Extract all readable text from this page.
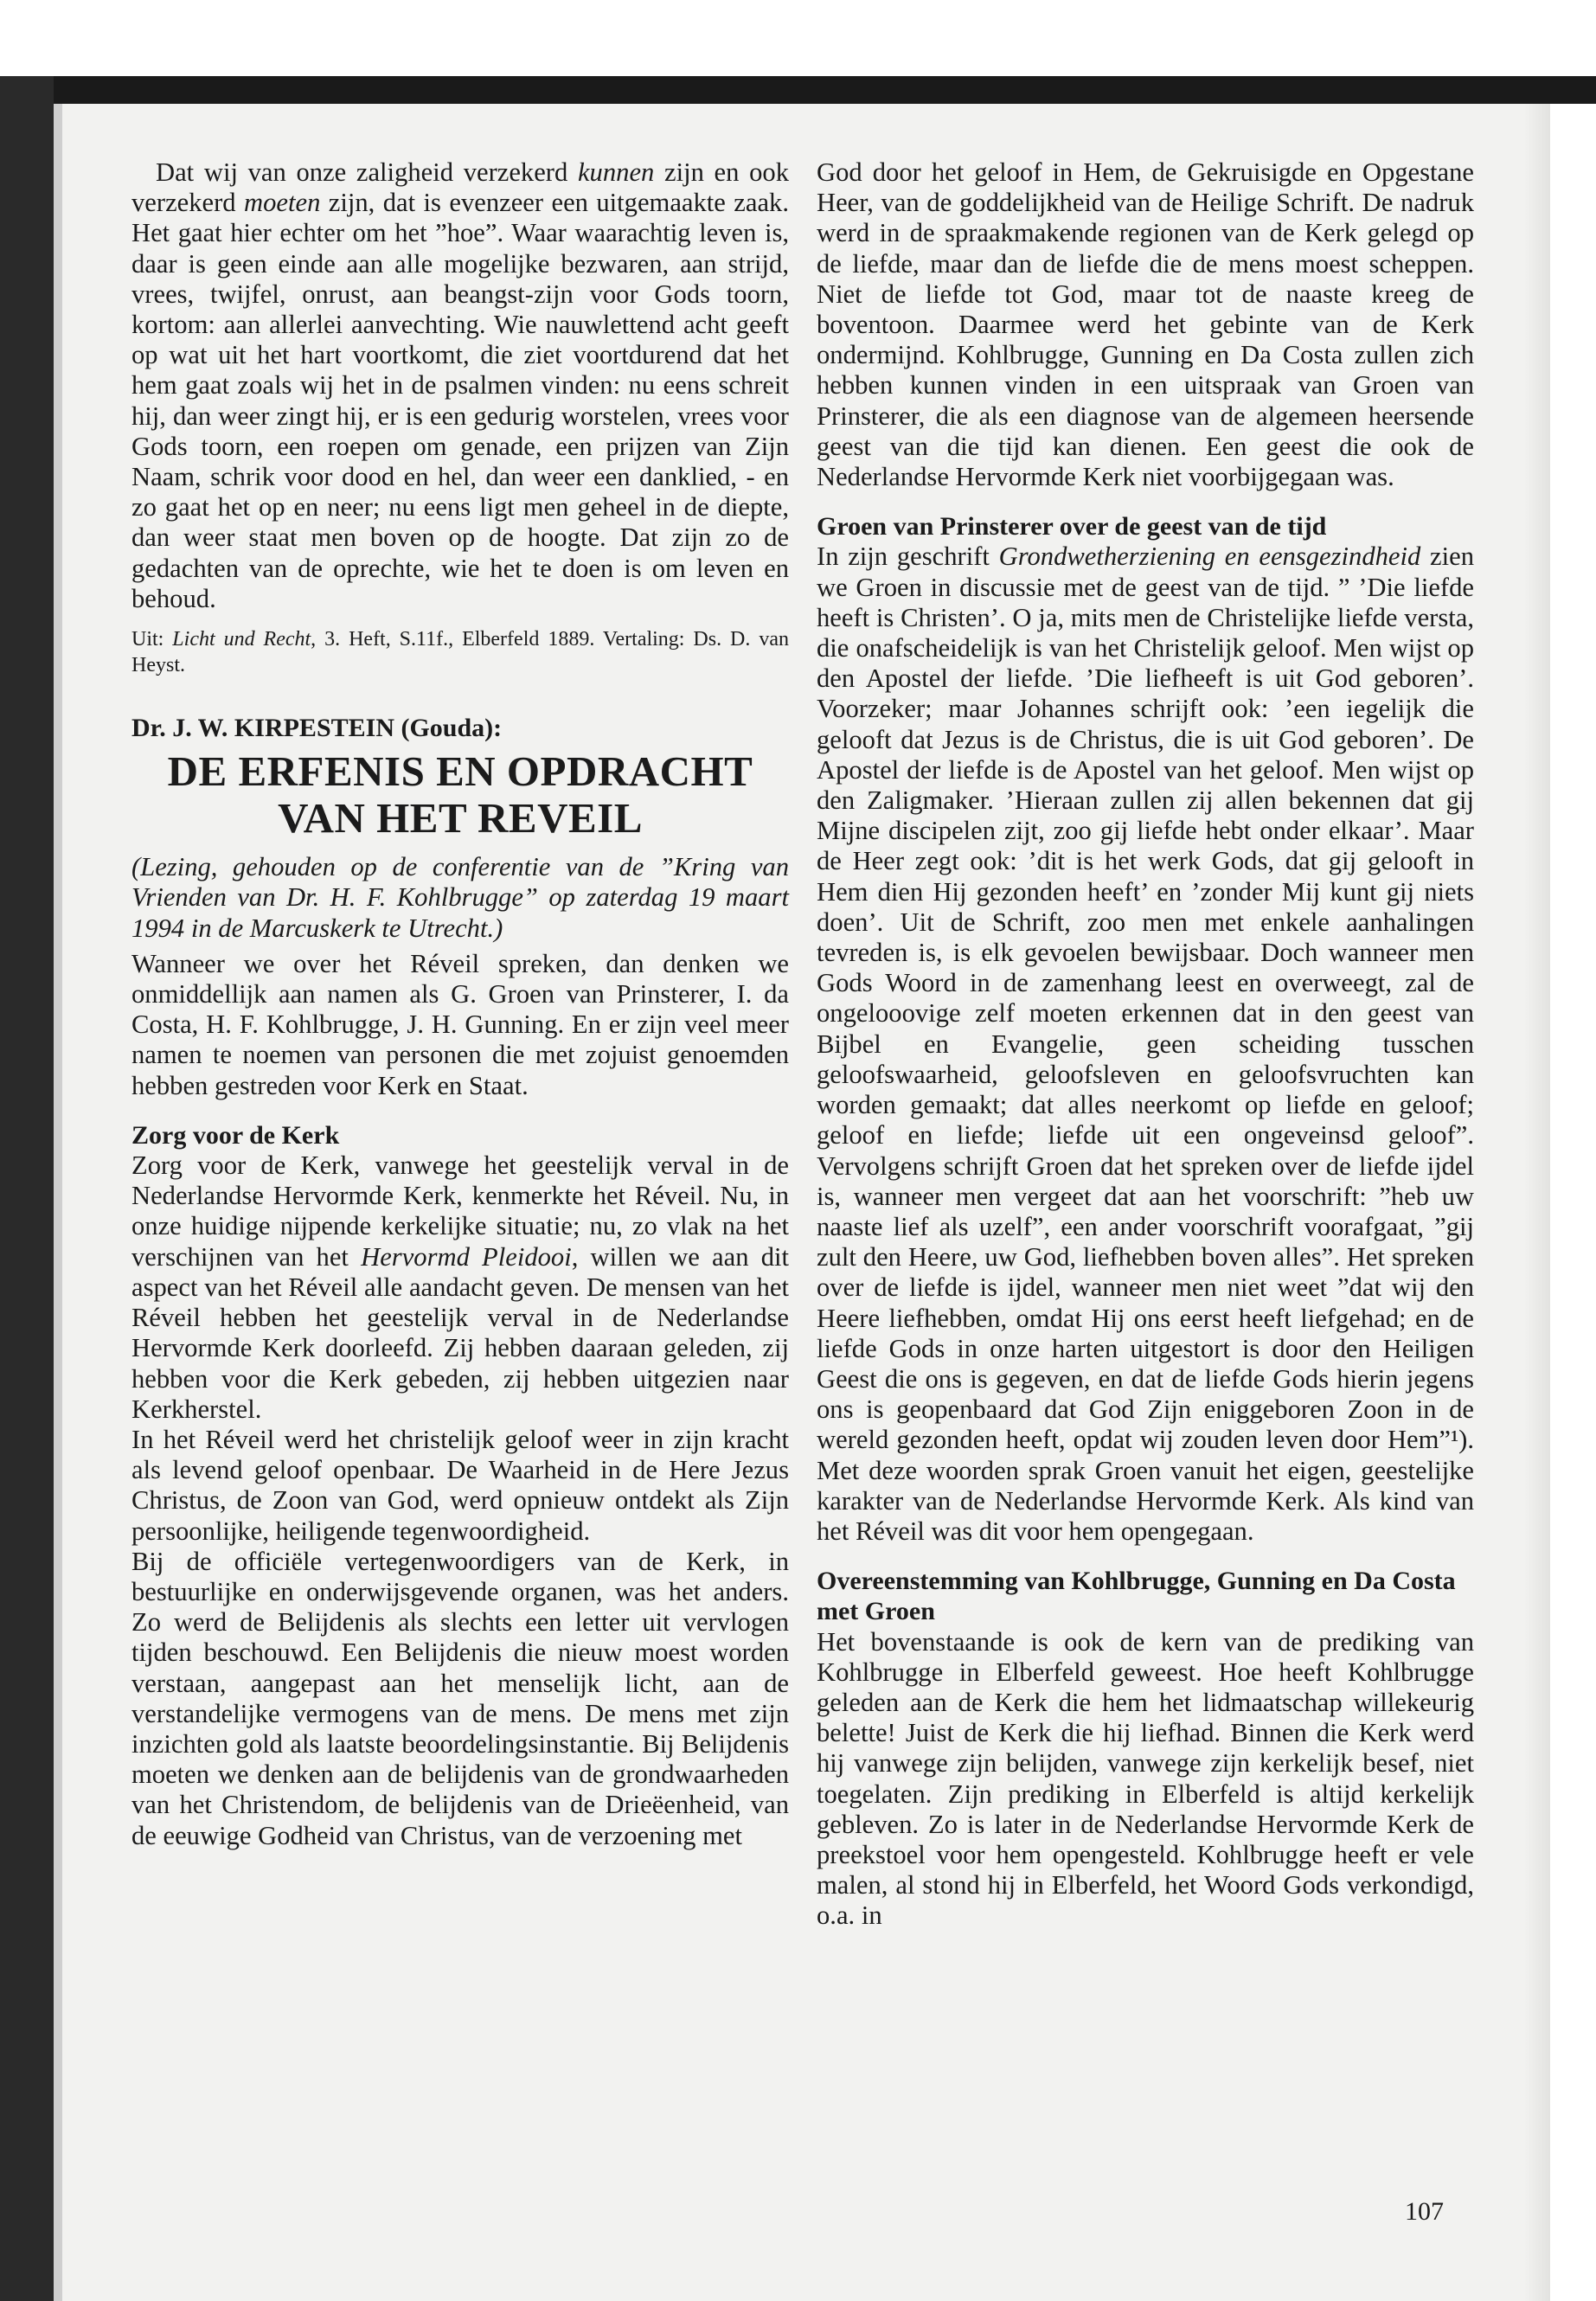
Dat wij van onze zaligheid verzekerd kunnen zijn en ook verzekerd moeten zijn, dat is evenzeer een uitgemaakte zaak. Het gaat hier echter om het ”hoe”. Waar waarachtig leven is, daar is geen einde aan alle mogelijke bezwaren, aan strijd, vrees, twijfel, onrust, aan beangst-zijn voor Gods toorn, kortom: aan allerlei aanvechting. Wie nauwlettend acht geeft op wat uit het hart voortkomt, die ziet voortdurend dat het hem gaat zoals wij het in de psalmen vinden: nu eens schreit hij, dan weer zingt hij, er is een gedurig worstelen, vrees voor Gods toorn, een roepen om genade, een prijzen van Zijn Naam, schrik voor dood en hel, dan weer een danklied, - en zo gaat het op en neer; nu eens ligt men geheel in de diepte, dan weer staat men boven op de hoogte. Dat zijn zo de gedachten van de oprechte, wie het te doen is om leven en behoud.

Uit: Licht und Recht, 3. Heft, S.11f., Elberfeld 1889. Vertaling: Ds. D. van Heyst.

Dr. J. W. KIRPESTEIN (Gouda):

DE ERFENIS EN OPDRACHT
VAN HET REVEIL

(Lezing, gehouden op de conferentie van de ”Kring van Vrienden van Dr. H. F. Kohlbrugge” op zaterdag 19 maart 1994 in de Marcuskerk te Utrecht.)

Wanneer we over het Réveil spreken, dan denken we onmiddellijk aan namen als G. Groen van Prinsterer, I. da Costa, H. F. Kohlbrugge, J. H. Gunning. En er zijn veel meer namen te noemen van personen die met zojuist genoemden hebben gestreden voor Kerk en Staat.

Zorg voor de Kerk

Zorg voor de Kerk, vanwege het geestelijk verval in de Nederlandse Hervormde Kerk, kenmerkte het Réveil. Nu, in onze huidige nijpende kerkelijke situatie; nu, zo vlak na het verschijnen van het Hervormd Pleidooi, willen we aan dit aspect van het Réveil alle aandacht geven. De mensen van het Réveil hebben het geestelijk verval in de Nederlandse Hervormde Kerk doorleefd. Zij hebben daaraan geleden, zij hebben voor die Kerk gebeden, zij hebben uitgezien naar Kerkherstel.

In het Réveil werd het christelijk geloof weer in zijn kracht als levend geloof openbaar. De Waarheid in de Here Jezus Christus, de Zoon van God, werd opnieuw ontdekt als Zijn persoonlijke, heiligende tegenwoordigheid.

Bij de officiële vertegenwoordigers van de Kerk, in bestuurlijke en onderwijsgevende organen, was het anders. Zo werd de Belijdenis als slechts een letter uit vervlogen tijden beschouwd. Een Belijdenis die nieuw moest worden verstaan, aangepast aan het menselijk licht, aan de verstandelijke vermogens van de mens. De mens met zijn inzichten gold als laatste beoordelingsinstantie. Bij Belijdenis moeten we denken aan de belijdenis van de grondwaarheden van het Christendom, de belijdenis van de Drieëenheid, van de eeuwige Godheid van Christus, van de verzoening met

God door het geloof in Hem, de Gekruisigde en Opgestane Heer, van de goddelijkheid van de Heilige Schrift. De nadruk werd in de spraakmakende regionen van de Kerk gelegd op de liefde, maar dan de liefde die de mens moest scheppen. Niet de liefde tot God, maar tot de naaste kreeg de boventoon. Daarmee werd het gebinte van de Kerk ondermijnd. Kohlbrugge, Gunning en Da Costa zullen zich hebben kunnen vinden in een uitspraak van Groen van Prinsterer, die als een diagnose van de algemeen heersende geest van die tijd kan dienen. Een geest die ook de Nederlandse Hervormde Kerk niet voorbijgegaan was.

Groen van Prinsterer over de geest van de tijd

In zijn geschrift Grondwetherziening en eensgezindheid zien we Groen in discussie met de geest van de tijd. ” ’Die liefde heeft is Christen’. O ja, mits men de Christelijke liefde versta, die onafscheidelijk is van het Christelijk geloof. Men wijst op den Apostel der liefde. ’Die liefheeft is uit God geboren’. Voorzeker; maar Johannes schrijft ook: ’een iegelijk die gelooft dat Jezus is de Christus, die is uit God geboren’. De Apostel der liefde is de Apostel van het geloof. Men wijst op den Zaligmaker. ’Hieraan zullen zij allen bekennen dat gij Mijne discipelen zijt, zoo gij liefde hebt onder elkaar’. Maar de Heer zegt ook: ’dit is het werk Gods, dat gij gelooft in Hem dien Hij gezonden heeft’ en ’zonder Mij kunt gij niets doen’. Uit de Schrift, zoo men met enkele aanhalingen tevreden is, is elk gevoelen bewijsbaar. Doch wanneer men Gods Woord in de zamenhang leest en overweegt, zal de ongelooovige zelf moeten erkennen dat in den geest van Bijbel en Evangelie, geen scheiding tusschen geloofswaarheid, geloofsleven en geloofsvruchten kan worden gemaakt; dat alles neerkomt op liefde en geloof; geloof en liefde; liefde uit een ongeveinsd geloof”. Vervolgens schrijft Groen dat het spreken over de liefde ijdel is, wanneer men vergeet dat aan het voorschrift: ”heb uw naaste lief als uzelf”, een ander voorschrift voorafgaat, ”gij zult den Heere, uw God, liefhebben boven alles”. Het spreken over de liefde is ijdel, wanneer men niet weet ”dat wij den Heere liefhebben, omdat Hij ons eerst heeft liefgehad; en de liefde Gods in onze harten uitgestort is door den Heiligen Geest die ons is gegeven, en dat de liefde Gods hierin jegens ons is geopenbaard dat God Zijn eniggeboren Zoon in de wereld gezonden heeft, opdat wij zouden leven door Hem”¹). Met deze woorden sprak Groen vanuit het eigen, geestelijke karakter van de Nederlandse Hervormde Kerk. Als kind van het Réveil was dit voor hem opengegaan.

Overeenstemming van Kohlbrugge, Gunning en Da Costa met Groen

Het bovenstaande is ook de kern van de prediking van Kohlbrugge in Elberfeld geweest. Hoe heeft Kohlbrugge geleden aan de Kerk die hem het lidmaatschap willekeurig belette! Juist de Kerk die hij liefhad. Binnen die Kerk werd hij vanwege zijn belijden, vanwege zijn kerkelijk besef, niet toegelaten. Zijn prediking in Elberfeld is altijd kerkelijk gebleven. Zo is later in de Nederlandse Hervormde Kerk de preekstoel voor hem opengesteld. Kohlbrugge heeft er vele malen, al stond hij in Elberfeld, het Woord Gods verkondigd, o.a. in

107
